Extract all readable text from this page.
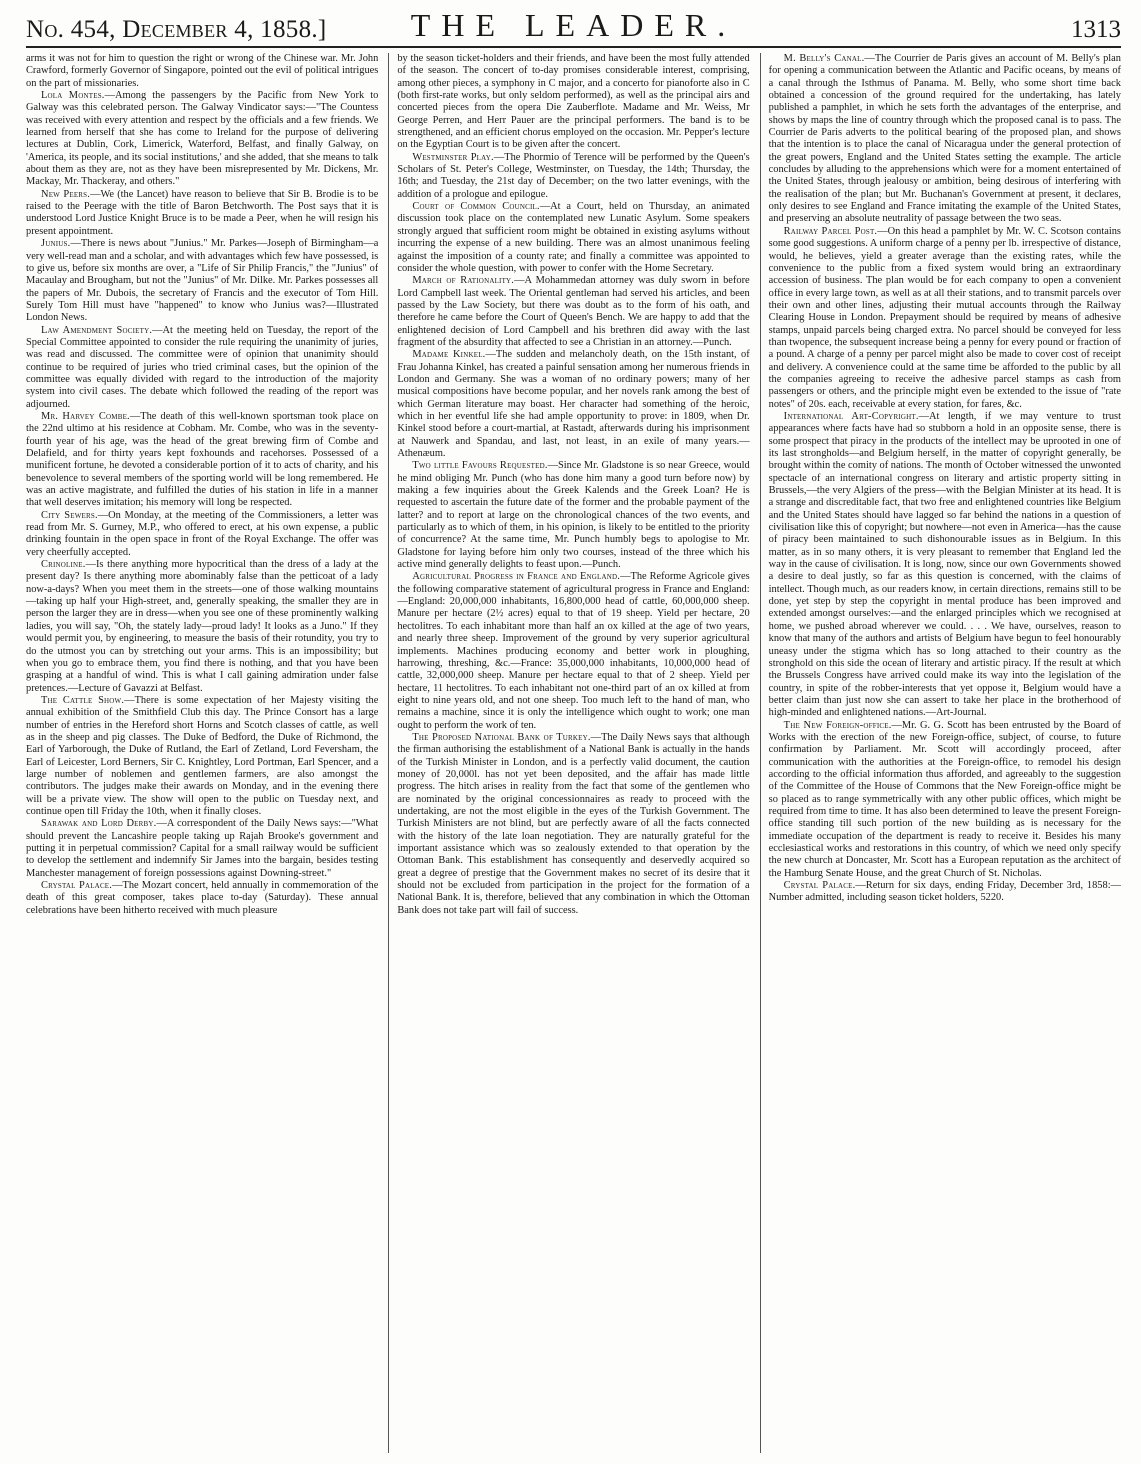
No. 454, December 4, 1858.]	THE LEADER.	1313

arms it was not for him to question the right or wrong of the Chinese war. Mr. John Crawford, formerly Governor of Singapore, pointed out the evil of political intrigues on the part of missionaries.

Lola Montes.—Among the passengers by the Pacific from New York to Galway was this celebrated person. The Galway Vindicator says:—"The Countess was received with every attention and respect by the officials and a few friends. We learned from herself that she has come to Ireland for the purpose of delivering lectures at Dublin, Cork, Limerick, Waterford, Belfast, and finally Galway, on 'America, its people, and its social institutions,' and she added, that she means to talk about them as they are, not as they have been misrepresented by Mr. Dickens, Mr. Mackay, Mr. Thackeray, and others."

New Peers.—We (the Lancet) have reason to believe that Sir B. Brodie is to be raised to the Peerage with the title of Baron Betchworth. The Post says that it is understood Lord Justice Knight Bruce is to be made a Peer, when he will resign his present appointment.

Junius.—There is news about "Junius." Mr. Parkes—Joseph of Birmingham—a very well-read man and a scholar, and with advantages which few have possessed, is to give us, before six months are over, a "Life of Sir Philip Francis," the "Junius" of Macaulay and Brougham, but not the "Junius" of Mr. Dilke. Mr. Parkes possesses all the papers of Mr. Dubois, the secretary of Francis and the executor of Tom Hill. Surely Tom Hill must have "happened" to know who Junius was?—Illustrated London News.

Law Amendment Society.—At the meeting held on Tuesday, the report of the Special Committee appointed to consider the rule requiring the unanimity of juries, was read and discussed. The committee were of opinion that unanimity should continue to be required of juries who tried criminal cases, but the opinion of the committee was equally divided with regard to the introduction of the majority system into civil cases. The debate which followed the reading of the report was adjourned.

Mr. Harvey Combe.—The death of this well-known sportsman took place on the 22nd ultimo at his residence at Cobham. Mr. Combe, who was in the seventy-fourth year of his age, was the head of the great brewing firm of Combe and Delafield, and for thirty years kept foxhounds and racehorses. Possessed of a munificent fortune, he devoted a considerable portion of it to acts of charity, and his benevolence to several members of the sporting world will be long remembered. He was an active magistrate, and fulfilled the duties of his station in life in a manner that well deserves imitation; his memory will long be respected.

City Sewers.—On Monday, at the meeting of the Commissioners, a letter was read from Mr. S. Gurney, M.P., who offered to erect, at his own expense, a public drinking fountain in the open space in front of the Royal Exchange. The offer was very cheerfully accepted.

Crinoline.—Is there anything more hypocritical than the dress of a lady at the present day? Is there anything more abominably false than the petticoat of a lady now-a-days? When you meet them in the streets—one of those walking mountains—taking up half your High-street, and, generally speaking, the smaller they are in person the larger they are in dress—when you see one of these prominently walking ladies, you will say, "Oh, the stately lady—proud lady! It looks as a Juno." If they would permit you, by engineering, to measure the basis of their rotundity, you try to do the utmost you can by stretching out your arms. This is an impossibility; but when you go to embrace them, you find there is nothing, and that you have been grasping at a handful of wind. This is what I call gaining admiration under false pretences.—Lecture of Gavazzi at Belfast.

The Cattle Show.—There is some expectation of her Majesty visiting the annual exhibition of the Smithfield Club this day. The Prince Consort has a large number of entries in the Hereford short Horns and Scotch classes of cattle, as well as in the sheep and pig classes. The Duke of Bedford, the Duke of Richmond, the Earl of Yarborough, the Duke of Rutland, the Earl of Zetland, Lord Feversham, the Earl of Leicester, Lord Berners, Sir C. Knightley, Lord Portman, Earl Spencer, and a large number of noblemen and gentlemen farmers, are also amongst the contributors. The judges make their awards on Monday, and in the evening there will be a private view. The show will open to the public on Tuesday next, and continue open till Friday the 10th, when it finally closes.

Sarawak and Lord Derby.—A correspondent of the Daily News says:—"What should prevent the Lancashire people taking up Rajah Brooke's government and putting it in perpetual commission? Capital for a small railway would be sufficient to develop the settlement and indemnify Sir James into the bargain, besides testing Manchester management of foreign possessions against Downing-street."

Crystal Palace.—The Mozart concert, held annually in commemoration of the death of this great composer, takes place to-day (Saturday). These annual celebrations have been hitherto received with much pleasure

by the season ticket-holders and their friends, and have been the most fully attended of the season. The concert of to-day promises considerable interest, comprising, among other pieces, a symphony in C major, and a concerto for pianoforte also in C (both first-rate works, but only seldom performed), as well as the principal airs and concerted pieces from the opera Die Zauberflote. Madame and Mr. Weiss, Mr George Perren, and Herr Pauer are the principal performers. The band is to be strengthened, and an efficient chorus employed on the occasion. Mr. Pepper's lecture on the Egyptian Court is to be given after the concert.

Westminster Play.—The Phormio of Terence will be performed by the Queen's Scholars of St. Peter's College, Westminster, on Tuesday, the 14th; Thursday, the 16th; and Tuesday, the 21st day of December; on the two latter evenings, with the addition of a prologue and epilogue.

Court of Common Council.—At a Court, held on Thursday, an animated discussion took place on the contemplated new Lunatic Asylum. Some speakers strongly argued that sufficient room might be obtained in existing asylums without incurring the expense of a new building. There was an almost unanimous feeling against the imposition of a county rate; and finally a committee was appointed to consider the whole question, with power to confer with the Home Secretary.

March of Rationality.—A Mohammedan attorney was duly sworn in before Lord Campbell last week. The Oriental gentleman had served his articles, and been passed by the Law Society, but there was doubt as to the form of his oath, and therefore he came before the Court of Queen's Bench. We are happy to add that the enlightened decision of Lord Campbell and his brethren did away with the last fragment of the absurdity that affected to see a Christian in an attorney.—Punch.

Madame Kinkel.—The sudden and melancholy death, on the 15th instant, of Frau Johanna Kinkel, has created a painful sensation among her numerous friends in London and Germany. She was a woman of no ordinary powers; many of her musical compositions have become popular, and her novels rank among the best of which German literature may boast. Her character had something of the heroic, which in her eventful life she had ample opportunity to prove: in 1809, when Dr. Kinkel stood before a court-martial, at Rastadt, afterwards during his imprisonment at Nauwerk and Spandau, and last, not least, in an exile of many years.—Athenæum.

Two little Favours Requested.—Since Mr. Gladstone is so near Greece, would he mind obliging Mr. Punch (who has done him many a good turn before now) by making a few inquiries about the Greek Kalends and the Greek Loan? He is requested to ascertain the future date of the former and the probable payment of the latter? and to report at large on the chronological chances of the two events, and particularly as to which of them, in his opinion, is likely to be entitled to the priority of concurrence? At the same time, Mr. Punch humbly begs to apologise to Mr. Gladstone for laying before him only two courses, instead of the three which his active mind generally delights to feast upon.—Punch.

Agricultural Progress in France and England.—The Reforme Agricole gives the following comparative statement of agricultural progress in France and England:—England: 20,000,000 inhabitants, 16,800,000 head of cattle, 60,000,000 sheep. Manure per hectare (2½ acres) equal to that of 19 sheep. Yield per hectare, 20 hectolitres. To each inhabitant more than half an ox killed at the age of two years, and nearly three sheep. Improvement of the ground by very superior agricultural implements. Machines producing economy and better work in ploughing, harrowing, threshing, &c.—France: 35,000,000 inhabitants, 10,000,000 head of cattle, 32,000,000 sheep. Manure per hectare equal to that of 2 sheep. Yield per hectare, 11 hectolitres. To each inhabitant not one-third part of an ox killed at from eight to nine years old, and not one sheep. Too much left to the hand of man, who remains a machine, since it is only the intelligence which ought to work; one man ought to perform the work of ten.

The Proposed National Bank of Turkey.—The Daily News says that although the firman authorising the establishment of a National Bank is actually in the hands of the Turkish Minister in London, and is a perfectly valid document, the caution money of 20,000l. has not yet been deposited, and the affair has made little progress. The hitch arises in reality from the fact that some of the gentlemen who are nominated by the original concessionnaires as ready to proceed with the undertaking, are not the most eligible in the eyes of the Turkish Government. The Turkish Ministers are not blind, but are perfectly aware of all the facts connected with the history of the late loan negotiation. They are naturally grateful for the important assistance which was so zealously extended to that operation by the Ottoman Bank. This establishment has consequently and deservedly acquired so great a degree of prestige that the Government makes no secret of its desire that it should not be excluded from participation in the project for the formation of a National Bank. It is, therefore, believed that any combination in which the Ottoman Bank does not take part will fail of success.

M. Belly's Canal.—The Courrier de Paris gives an account of M. Belly's plan for opening a communication between the Atlantic and Pacific oceans, by means of a canal through the Isthmus of Panama. M. Belly, who some short time back obtained a concession of the ground required for the undertaking, has lately published a pamphlet, in which he sets forth the advantages of the enterprise, and shows by maps the line of country through which the proposed canal is to pass. The Courrier de Paris adverts to the political bearing of the proposed plan, and shows that the intention is to place the canal of Nicaragua under the general protection of the great powers, England and the United States setting the example. The article concludes by alluding to the apprehensions which were for a moment entertained of the United States, through jealousy or ambition, being desirous of interfering with the realisation of the plan; but Mr. Buchanan's Government at present, it declares, only desires to see England and France imitating the example of the United States, and preserving an absolute neutrality of passage between the two seas.

Railway Parcel Post.—On this head a pamphlet by Mr. W. C. Scotson contains some good suggestions. A uniform charge of a penny per lb. irrespective of distance, would, he believes, yield a greater average than the existing rates, while the convenience to the public from a fixed system would bring an extraordinary accession of business. The plan would be for each company to open a convenient office in every large town, as well as at all their stations, and to transmit parcels over their own and other lines, adjusting their mutual accounts through the Railway Clearing House in London. Prepayment should be required by means of adhesive stamps, unpaid parcels being charged extra. No parcel should be conveyed for less than twopence, the subsequent increase being a penny for every pound or fraction of a pound. A charge of a penny per parcel might also be made to cover cost of receipt and delivery. A convenience could at the same time be afforded to the public by all the companies agreeing to receive the adhesive parcel stamps as cash from passengers or others, and the principle might even be extended to the issue of "rate notes" of 20s. each, receivable at every station, for fares, &c.

International Art-Copyright.—At length, if we may venture to trust appearances where facts have had so stubborn a hold in an opposite sense, there is some prospect that piracy in the products of the intellect may be uprooted in one of its last strongholds—and Belgium herself, in the matter of copyright generally, be brought within the comity of nations. The month of October witnessed the unwonted spectacle of an international congress on literary and artistic property sitting in Brussels,—the very Algiers of the press—with the Belgian Minister at its head. It is a strange and discreditable fact, that two free and enlightened countries like Belgium and the United States should have lagged so far behind the nations in a question of civilisation like this of copyright; but nowhere—not even in America—has the cause of piracy been maintained to such dishonourable issues as in Belgium. In this matter, as in so many others, it is very pleasant to remember that England led the way in the cause of civilisation. It is long, now, since our own Governments showed a desire to deal justly, so far as this question is concerned, with the claims of intellect. Though much, as our readers know, in certain directions, remains still to be done, yet step by step the copyright in mental produce has been improved and extended amongst ourselves:—and the enlarged principles which we recognised at home, we pushed abroad wherever we could. . . . We have, ourselves, reason to know that many of the authors and artists of Belgium have begun to feel honourably uneasy under the stigma which has so long attached to their country as the stronghold on this side the ocean of literary and artistic piracy. If the result at which the Brussels Congress have arrived could make its way into the legislation of the country, in spite of the robber-interests that yet oppose it, Belgium would have a better claim than just now she can assert to take her place in the brotherhood of high-minded and enlightened nations.—Art-Journal.

The New Foreign-office.—Mr. G. G. Scott has been entrusted by the Board of Works with the erection of the new Foreign-office, subject, of course, to future confirmation by Parliament. Mr. Scott will accordingly proceed, after communication with the authorities at the Foreign-office, to remodel his design according to the official information thus afforded, and agreeably to the suggestion of the Committee of the House of Commons that the New Foreign-office might be so placed as to range symmetrically with any other public offices, which might be required from time to time. It has also been determined to leave the present Foreign-office standing till such portion of the new building as is necessary for the immediate occupation of the department is ready to receive it. Besides his many ecclesiastical works and restorations in this country, of which we need only specify the new church at Doncaster, Mr. Scott has a European reputation as the architect of the Hamburg Senate House, and the great Church of St. Nicholas.

Crystal Palace.—Return for six days, ending Friday, December 3rd, 1858:—Number admitted, including season ticket holders, 5220.
